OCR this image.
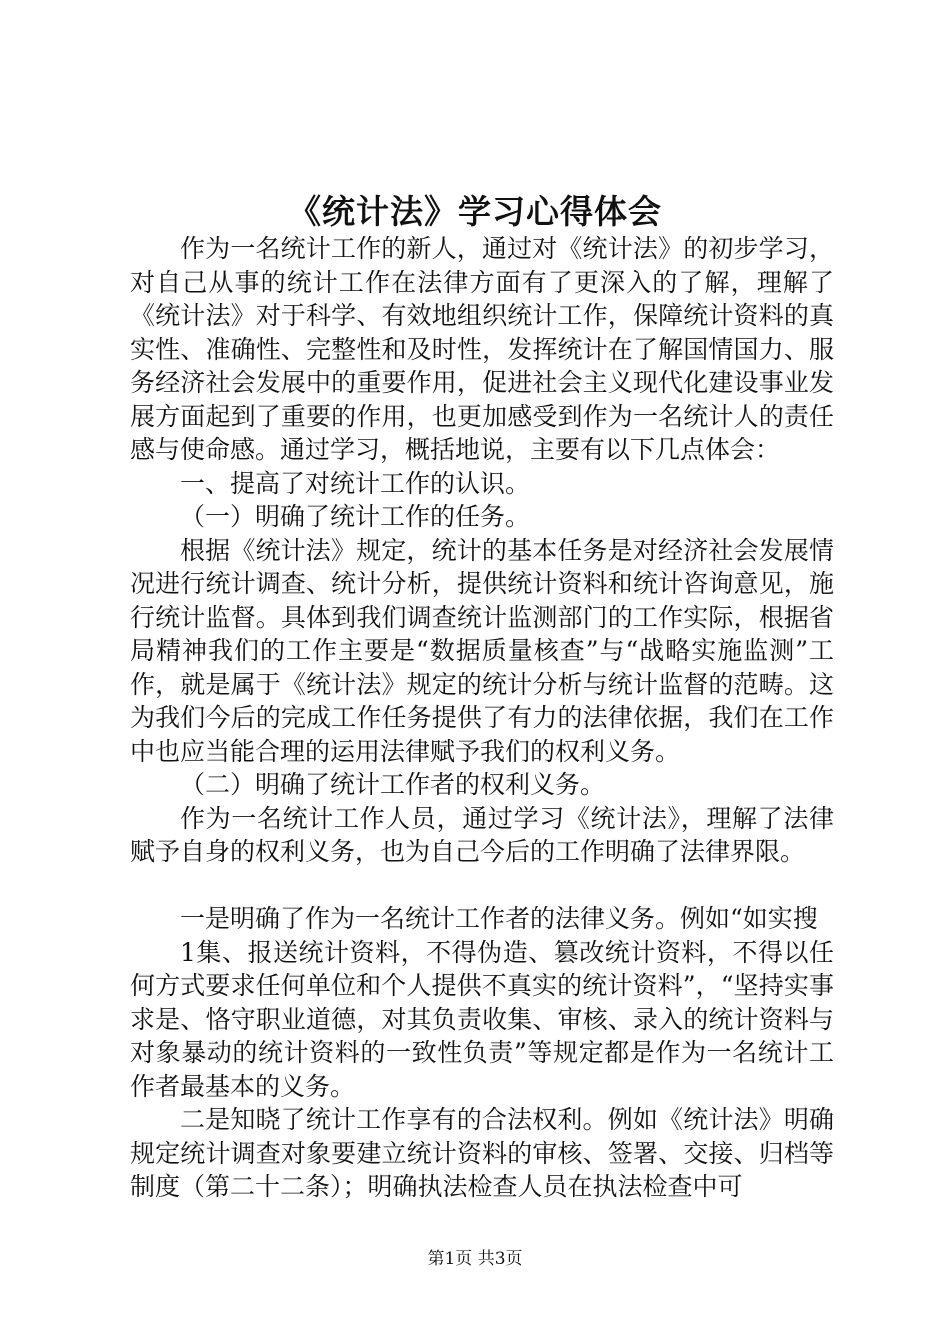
《统计法》学习心得体会

作为一名统计工作的新人，通过对《统计法》的初步学习，对自己从事的统计工作在法律方面有了更深入的了解，理解了《统计法》对于科学、有效地组织统计工作，保障统计资料的真实性、准确性、完整性和及时性，发挥统计在了解国情国力、服务经济社会发展中的重要作用，促进社会主义现代化建设事业发展方面起到了重要的作用，也更加感受到作为一名统计人的责任感与使命感。通过学习，概括地说，主要有以下几点体会：

一、提高了对统计工作的认识。

（一）明确了统计工作的任务。

根据《统计法》规定，统计的基本任务是对经济社会发展情况进行统计调查、统计分析，提供统计资料和统计咨询意见，施行统计监督。具体到我们调查统计监测部门的工作实际，根据省局精神我们的工作主要是“数据质量核查”与“战略实施监测”工作，就是属于《统计法》规定的统计分析与统计监督的范畴。这为我们今后的完成工作任务提供了有力的法律依据，我们在工作中也应当能合理的运用法律赋予我们的权利义务。

（二）明确了统计工作者的权利义务。

作为一名统计工作人员，通过学习《统计法》，理解了法律赋予自身的权利义务，也为自己今后的工作明确了法律界限。

一是明确了作为一名统计工作者的法律义务。例如“如实搜

1集、报送统计资料，不得伪造、篡改统计资料，不得以任何方式要求任何单位和个人提供不真实的统计资料”，“坚持实事求是、恪守职业道德，对其负责收集、审核、录入的统计资料与对象暴动的统计资料的一致性负责”等规定都是作为一名统计工作者最基本的义务。

二是知晓了统计工作享有的合法权利。例如《统计法》明确规定统计调查对象要建立统计资料的审核、签署、交接、归档等制度（第二十二条）；明确执法检查人员在执法检查中可

第1页 共3页
